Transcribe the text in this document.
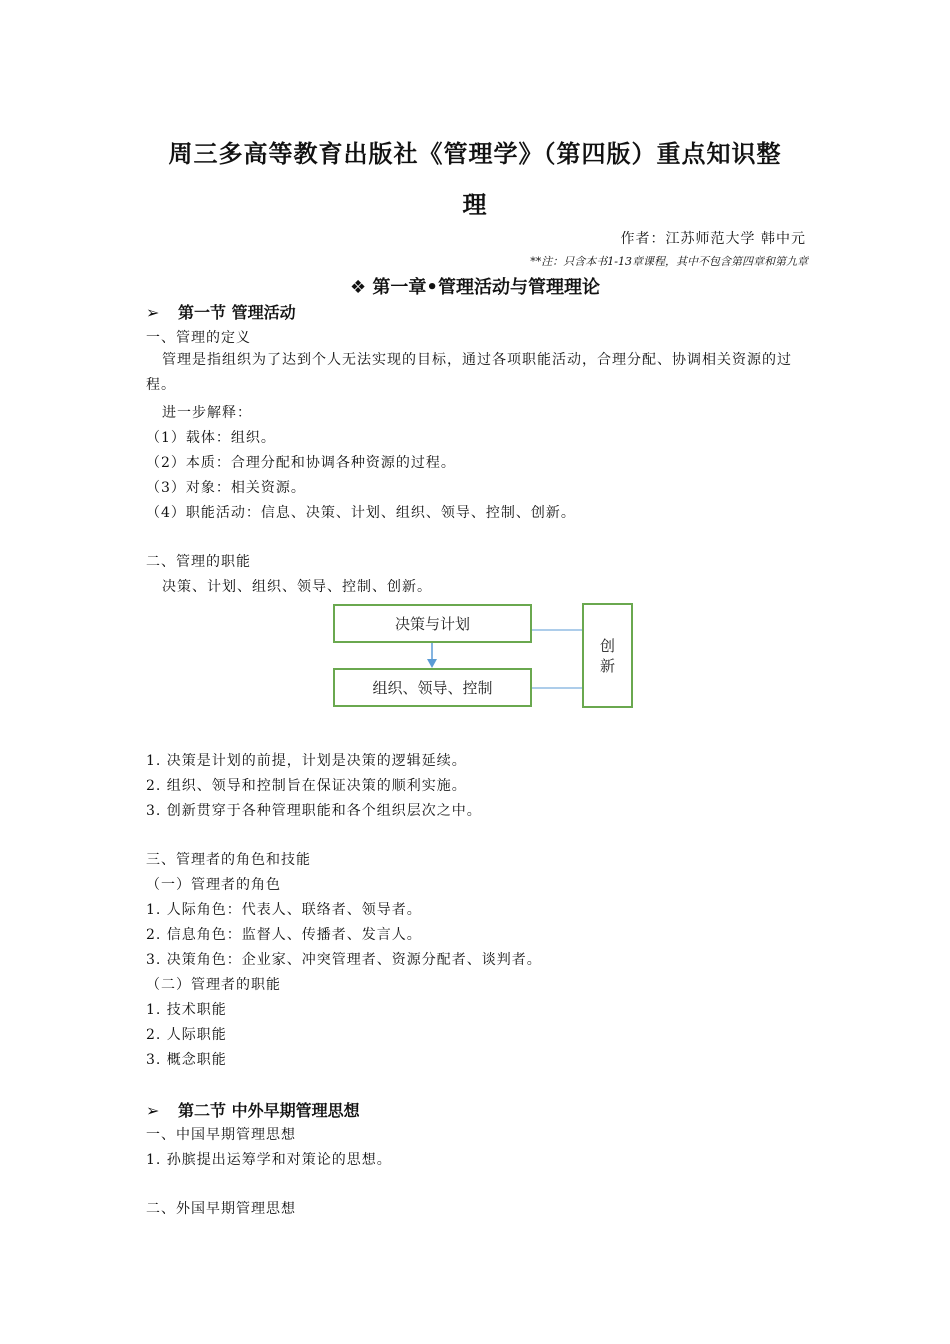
周三多高等教育出版社《管理学》（第四版）重点知识整
理
作者：江苏师范大学 韩中元
**注：只含本书1-13章课程，其中不包含第四章和第九章
❖ 第一章•管理活动与管理理论
➢ 第一节 管理活动
一、管理的定义
管理是指组织为了达到个人无法实现的目标，通过各项职能活动，合理分配、协调相关资源的过程。
进一步解释：
（1）载体：组织。
（2）本质：合理分配和协调各种资源的过程。
（3）对象：相关资源。
（4）职能活动：信息、决策、计划、组织、领导、控制、创新。
二、管理的职能
决策、计划、组织、领导、控制、创新。
决策与计划
组织、领导、控制
创
新
1. 决策是计划的前提，计划是决策的逻辑延续。
2. 组织、领导和控制旨在保证决策的顺利实施。
3. 创新贯穿于各种管理职能和各个组织层次之中。
三、管理者的角色和技能
（一）管理者的角色
1. 人际角色：代表人、联络者、领导者。
2. 信息角色：监督人、传播者、发言人。
3. 决策角色：企业家、冲突管理者、资源分配者、谈判者。
（二）管理者的职能
1. 技术职能
2. 人际职能
3. 概念职能
➢ 第二节 中外早期管理思想
一、中国早期管理思想
1. 孙膑提出运筹学和对策论的思想。
二、外国早期管理思想
